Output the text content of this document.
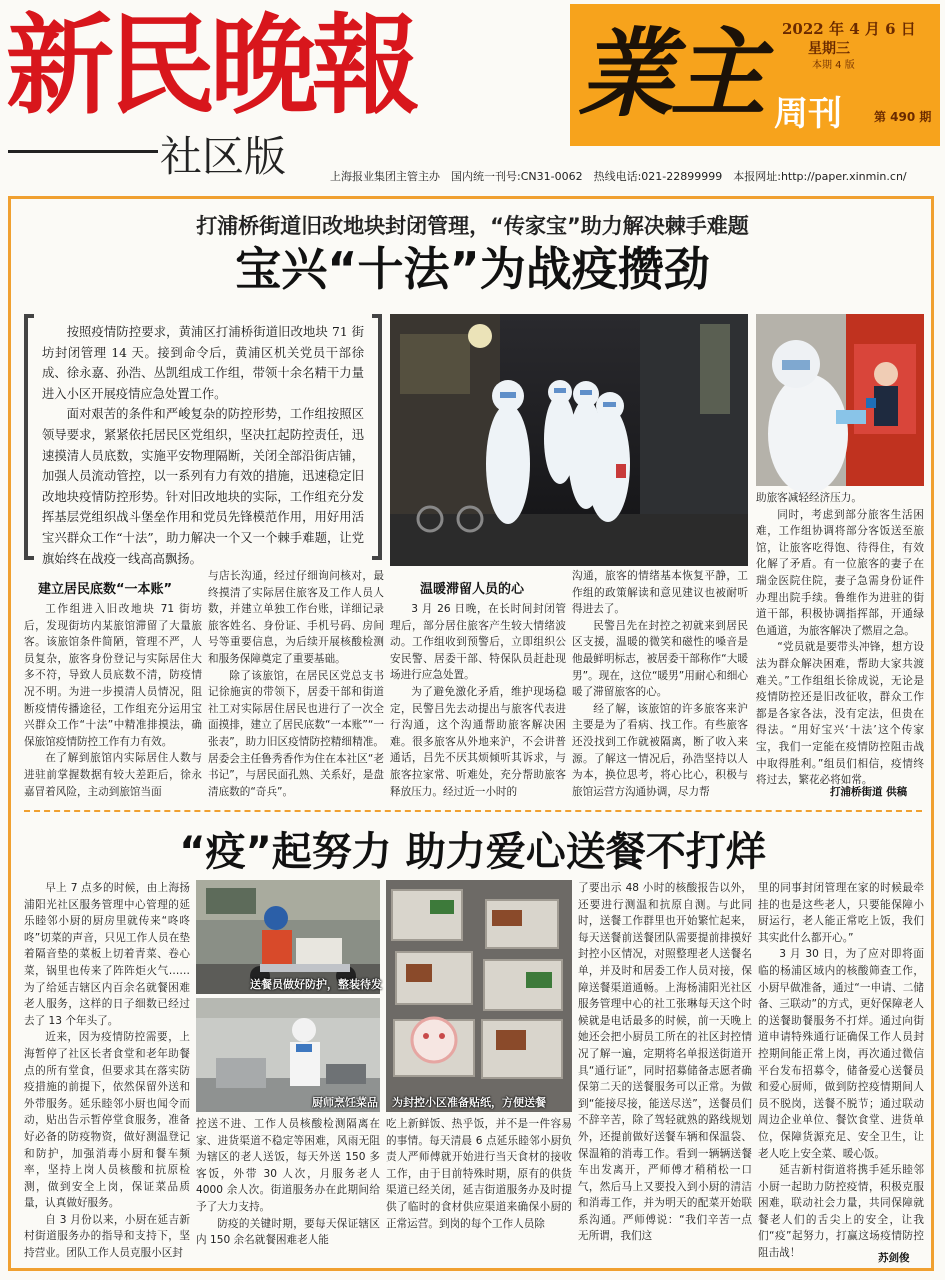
新民晚報
社区版	上海报业集团主管主办　国内统一刊号:CN31-0062　热线电话:021-22899999　本报网址:http://paper.xinmin.cn/
業主	2022 年 4 月 6 日
星期三
本期 4 版
周刊	第 490 期
打浦桥街道旧改地块封闭管理，“传家宝”助力解决棘手难题
宝兴“十法”为战疫攒劲

按照疫情防控要求，黄浦区打浦桥街道旧改地块 71 街坊封闭管理 14 天。接到命令后，黄浦区机关党员干部徐成、徐永嘉、孙浩、丛凯组成工作组，带领十余名精干力量进入小区开展疫情应急处置工作。

面对艰苦的条件和严峻复杂的防控形势，工作组按照区领导要求，紧紧依托居民区党组织，坚决扛起防控责任，迅速摸清人员底数，实施平安物理隔断，关闭全部沿街店铺，加强人员流动管控，以一系列有力有效的措施，迅速稳定旧改地块疫情防控形势。针对旧改地块的实际，工作组充分发挥基层党组织战斗堡垒作用和党员先锋模范作用，用好用活宝兴群众工作“十法”，助力解决一个又一个棘手难题，让党旗始终在战疫一线高高飘扬。

建立居民底数“一本账”	温暖滞留人员的心

工作组进入旧改地块 71 街坊后，发现街坊内某旅馆滞留了大量旅客。该旅馆条件简陋，管理不严，人员复杂，旅客身份登记与实际居住大多不符，导致人员底数不清，防疫情况不明。为进一步摸清人员情况，阻断疫情传播途径，工作组充分运用宝兴群众工作“十法”中精准排摸法，确保旅馆疫情防控工作有力有效。

在了解到旅馆内实际居住人数与进驻前掌握数据有较大差距后，徐永嘉冒着风险，主动到旅馆当面

与店长沟通，经过仔细询问核对，最终摸清了实际居住旅客及工作人员人数，并建立单独工作台账，详细记录旅客姓名、身份证、手机号码、房间号等重要信息，为后续开展核酸检测和服务保障奠定了重要基础。

除了该旅馆，在居民区党总支书记徐施寅的带领下，居委干部和街道社工对实际居住居民也进行了一次全面摸排，建立了居民底数“一本账”“一张表”，助力旧区疫情防控精细精准。居委会主任鲁秀香作为住在本社区“老书记”，与居民面孔熟、关系好，是盘清底数的“奇兵”。

3 月 26 日晚，在长时间封闭管理后，部分居住旅客产生较大情绪波动。工作组收到预警后，立即组织公安民警、居委干部、特保队员赶赴现场进行应急处置。

为了避免激化矛盾，维护现场稳定，民警吕先去动提出与旅客代表进行沟通，这个沟通帮助旅客解决困难。很多旅客从外地来沪，不会讲普通话，吕先不厌其烦倾听其诉求，与旅客拉家常、听难处，充分帮助旅客释放压力。经过近一小时的

沟通，旅客的情绪基本恢复平静，工作组的政策解读和意见建议也被耐听得进去了。

民警吕先在封控之初就来到居民区支援，温暖的微笑和磁性的嗓音是他最鲜明标志，被居委干部称作“大暖男”。现在，这位“暖男”用耐心和细心暖了滞留旅客的心。

经了解，该旅馆的许多旅客来沪主要是为了看病、找工作。有些旅客还没找到工作就被隔离，断了收入来源。了解这一情况后，孙浩坚持以人为本，换位思考，将心比心，积极与旅馆运营方沟通协调，尽力帮

助旅客减轻经济压力。

同时，考虑到部分旅客生活困难，工作组协调将部分客饭送至旅馆，让旅客吃得饱、待得住，有效化解了矛盾。有一位旅客的妻子在瑞金医院住院，妻子急需身份证件办理出院手续。鲁维作为进驻的街道干部，积极协调指挥部，开通绿色通道，为旅客解决了燃眉之急。

“党员就是要带头冲锋，想方设法为群众解决困难，帮助大家共渡难关。”工作组组长徐成说，无论是疫情防控还是旧改征收，群众工作都是各家各法，没有定法，但贵在得法。“用好宝兴‘十法’这个传家宝，我们一定能在疫情防控阻击战中取得胜利。”组员们相信，疫情终将过去，繁花必将如常。

打浦桥街道 供稿
“疫”起努力 助力爱心送餐不打烊

早上 7 点多的时候，由上海扬浦阳光社区服务管理中心管理的延乐睦邻小厨的厨房里就传来“咚咚咚”切菜的声音，只见工作人员在垫着隔音垫的菜板上切着青菜、卷心菜，锅里也传来了阵阵炬火气……为了给延吉辖区内百余名就餐困难老人服务，这样的日子细数已经过去了 13 个年头了。

近来，因为疫情防控需要，上海暂停了社区长者食堂和老年助餐点的所有堂食，但要求其在落实防疫措施的前提下，依然保留外送和外带服务。延乐睦邻小厨也闻令而动，贴出告示暂停堂食服务，准备好必备的防疫物资，做好测温登记和防护，加强消毒小厨和餐车频率，坚持上岗人员核酸和抗原检测，做到安全上岗，保证菜品质量，认真做好服务。

自 3 月份以来，小厨在延吉新村街道服务办的指导和支持下，坚持营业。团队工作人员克服小区封

送餐员做好防护，整装待发
厨师烹饪菜品 为封控小区准备贴纸，方便送餐

控送不进、工作人员核酸检测隔离在家、进货渠道不稳定等困难，风雨无阻为辖区的老人送饭，每天外送 150 多客饭，外带 30 人次，月服务老人 4000 余人次。街道服务办在此期间给予了大力支持。

防疫的关键时期，要每天保证辖区内 150 余名就餐困难老人能

吃上新鲜饭、热乎饭，并不是一件容易的事情。每天清晨 6 点延乐睦邻小厨负责人严师傅就开始进行当天食材的接收工作，由于目前特殊时期，原有的供货渠道已经关闭，延吉街道服务办及时提供了临时的食材供应渠道来确保小厨的正常运营。到岗的每个工作人员除

了要出示 48 小时的核酸报告以外，还要进行测温和抗原自测。与此同时，送餐工作群里也开始繁忙起来，每天送餐前送餐团队需要提前排摸好封控小区情况，对照整理老人送餐名单，并及时和居委工作人员对接，保障送餐渠道通畅。上海杨浦阳光社区服务管理中心的社工张琳每天这个时候就是电话最多的时候，前一天晚上她还会把小厨员工所在的社区封控情况了解一遍，定期将名单报送街道开具“通行证”，同时招募储备志愿者确保第二天的送餐服务可以正常。为做到“能接尽接，能送尽送”，送餐员们不辞辛苦，除了驾轻就熟的路线规划外，还提前做好送餐车辆和保温袋、保温箱的消毒工作。看到一辆辆送餐车出发离开，严师傅才稍稍松一口气，然后马上又要投入到小厨的清洁和消毒工作，并为明天的配菜开始联系沟通。严师傅说：“我们辛苦一点无所谓，我们这

里的同事封闭管理在家的时候最牵挂的也是这些老人，只要能保障小厨运行，老人能正常吃上饭，我们其实此什么都开心。”

3 月 30 日，为了应对即将面临的杨浦区域内的核酸筛查工作，小厨早做准备，通过“一申请、二储备、三联动”的方式，更好保障老人的送餐助餐服务不打烊。通过向街道申请特殊通行证确保工作人员封控期间能正常上岗，再次通过微信平台发布招募令，储备爱心送餐员和爱心厨师，做到防控疫情期间人员不脱岗，送餐不脱节；通过联动周边企业单位、餐饮食堂、进货单位，保障货源充足、安全卫生，让老人吃上安全菜、暖心饭。

延吉新村街道将携手延乐睦邻小厨一起助力防控疫情，积极克服困难，联动社会力量，共同保障就餐老人们的舌尖上的安全，让我们“疫”起努力，打赢这场疫情防控阻击战！	苏剑俊
